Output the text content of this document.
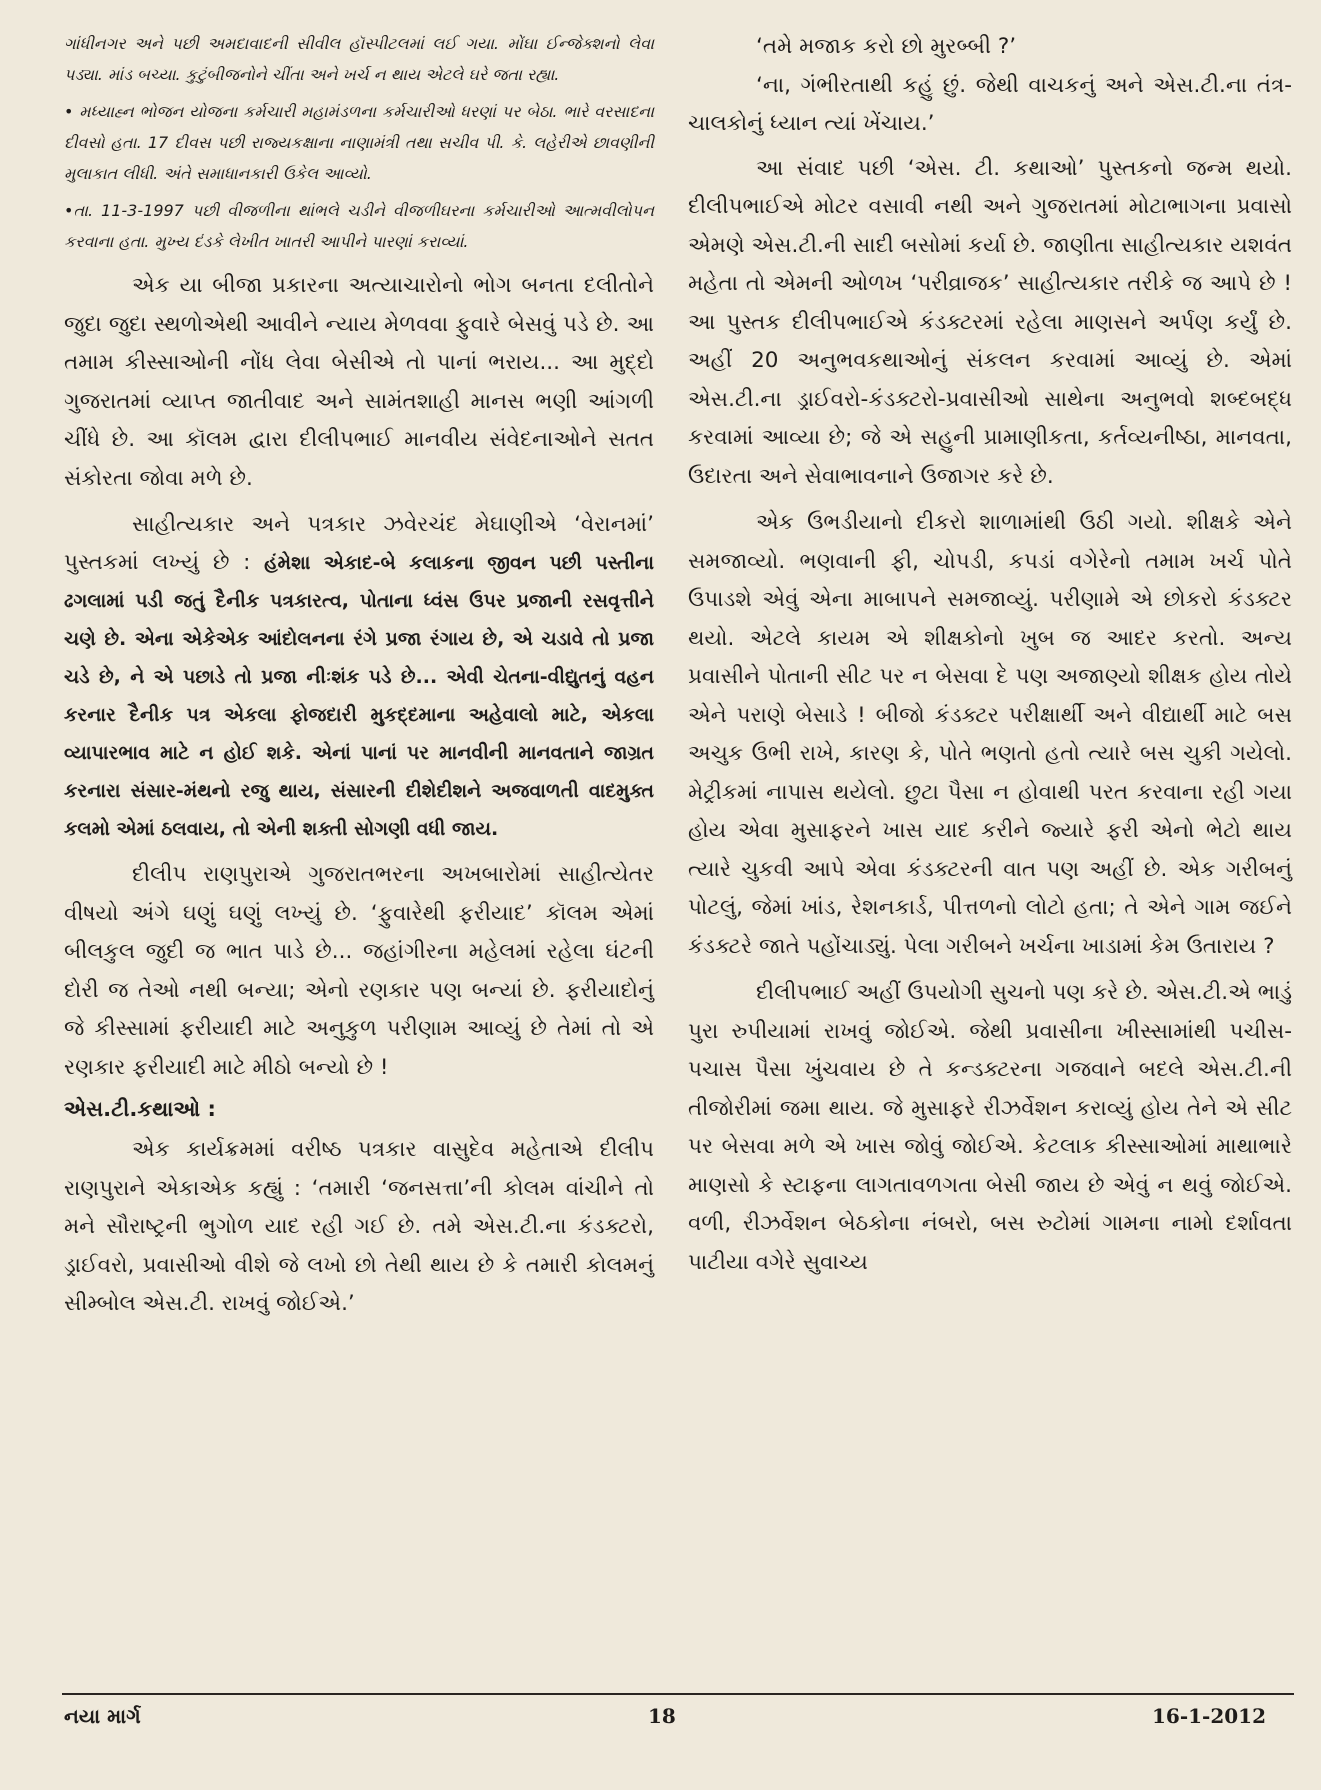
ગાંધીનગર અને પછી અમદાવાદની સીવીલ હૉસ્પીટલમાં લઈ ગયા. મોંઘા ઈન્જેક્શનો લેવા પડ્યા. માંડ બચ્યા. કુટુંબીજનોને ચીંતા અને ખર્ચ ન થાય એટલે ઘરે જતા રહ્યા.

• મધ્યાહ્ન ભોજન યોજના કર્મચારી મહામંડળના કર્મચારીઓ ધરણાં પર બેઠા. ભારે વરસાદના દીવસો હતા. 17 દીવસ પછી રાજ્યકક્ષાના નાણામંત્રી તથા સચીવ પી. કે. લહેરીએ છાવણીની મુલાકાત લીધી. અંતે સમાધાનકારી ઉકેલ આવ્યો.

•તા. 11-3-1997 પછી વીજળીના થાંભલે ચડીને વીજળીઘરના કર્મચારીઓ આત્મવીલોપન કરવાના હતા. મુખ્ય દંડકે લેખીત ખાતરી આપીને પારણાં કરાવ્યાં.

એક યા બીજા પ્રકારના અત્યાચારોનો ભોગ બનતા દલીતોને જુદા જુદા સ્થળોએથી આવીને ન્યાય મેળવવા ફુવારે બેસવું પડે છે. આ તમામ કીસ્સાઓની નોંધ લેવા બેસીએ તો પાનાં ભરાય... આ મુદ્દો ગુજરાતમાં વ્યાપ્ત જાતીવાદ અને સામંતશાહી માનસ ભણી આંગળી ચીંધે છે. આ કૉલમ દ્વારા દીલીપભાઈ માનવીય સંવેદનાઓને સતત સંકોરતા જોવા મળે છે.

સાહીત્યકાર અને પત્રકાર ઝવેરચંદ મેઘાણીએ ‘વેરાનમાં’ પુસ્તકમાં લખ્યું છે : હંમેશા એકાદ-બે કલાકના જીવન પછી પસ્તીના ઢગલામાં પડી જતું દૈનીક પત્રકારત્વ, પોતાના ધ્વંસ ઉપર પ્રજાની રસવૃત્તીને ચણે છે. એના એકેએક આંદોલનના રંગે પ્રજા રંગાય છે, એ ચડાવે તો પ્રજા ચડે છે, ને એ પછાડે તો પ્રજા નીઃશંક પડે છે... એવી ચેતના-વીદ્યુતનું વહન કરનાર દૈનીક પત્ર એકલા ફોજદારી મુકદ્દમાના અહેવાલો માટે, એકલા વ્યાપારભાવ માટે ન હોઈ શકે. એનાં પાનાં પર માનવીની માનવતાને જાગ્રત કરનારા સંસાર-મંથનો રજુ થાય, સંસારની દીશેદીશને અજવાળતી વાદમુક્ત કલમો એમાં ઠલવાય, તો એની શક્તી સોગણી વધી જાય.

દીલીપ રાણપુરાએ ગુજરાતભરના અખબારોમાં સાહીત્યેતર વીષયો અંગે ઘણું ઘણું લખ્યું છે. ‘ફુવારેથી ફરીયાદ’ કૉલમ એમાં બીલકુલ જુદી જ ભાત પાડે છે... જહાંગીરના મહેલમાં રહેલા ઘંટની દોરી જ તેઓ નથી બન્યા; એનો રણકાર પણ બન્યાં છે. ફરીયાદોનું જે કીસ્સામાં ફરીયાદી માટે અનુકુળ પરીણામ આવ્યું છે તેમાં તો એ રણકાર ફરીયાદી માટે મીઠો બન્યો છે !

એસ.ટી.કથાઓ :

એક કાર્યક્રમમાં વરીષ્ઠ પત્રકાર વાસુદેવ મહેતાએ દીલીપ રાણપુરાને એકાએક કહ્યું : ‘તમારી ‘જનસત્તા’ની કોલમ વાંચીને તો મને સૌરાષ્ટ્રની ભુગોળ યાદ રહી ગઈ છે. તમે એસ.ટી.ના કંડક્ટરો, ડ્રાઈવરો, પ્રવાસીઓ વીશે જે લખો છો તેથી થાય છે કે તમારી કોલમનું સીમ્બોલ એસ.ટી. રાખવું જોઈએ.’

‘તમે મજાક કરો છો મુરબ્બી ?’

‘ના, ગંભીરતાથી કહું છું. જેથી વાચકનું અને એસ.ટી.ના તંત્ર-ચાલકોનું ધ્યાન ત્યાં ખેંચાય.’

આ સંવાદ પછી ‘એસ. ટી. કથાઓ’ પુસ્તકનો જન્મ થયો. દીલીપભાઈએ મોટર વસાવી નથી અને ગુજરાતમાં મોટાભાગના પ્રવાસો એમણે એસ.ટી.ની સાદી બસોમાં કર્યા છે. જાણીતા સાહીત્યકાર યશવંત મહેતા તો એમની ઓળખ ‘પરીવ્રાજક’ સાહીત્યકાર તરીકે જ આપે છે ! આ પુસ્તક દીલીપભાઈએ કંડક્ટરમાં રહેલા માણસને અર્પણ કર્યું છે. અહીં 20 અનુભવકથાઓનું સંકલન કરવામાં આવ્યું છે. એમાં એસ.ટી.ના ડ્રાઈવરો-કંડક્ટરો-પ્રવાસીઓ સાથેના અનુભવો શબ્દબદ્ધ કરવામાં આવ્યા છે; જે એ સહુની પ્રામાણીકતા, કર્તવ્યનીષ્ઠા, માનવતા, ઉદારતા અને સેવાભાવનાને ઉજાગર કરે છે.

એક ઉભડીયાનો દીકરો શાળામાંથી ઉઠી ગયો. શીક્ષકે એને સમજાવ્યો. ભણવાની ફી, ચોપડી, કપડાં વગેરેનો તમામ ખર્ચ પોતે ઉપાડશે એવું એના માબાપને સમજાવ્યું. પરીણામે એ છોકરો કંડક્ટર થયો. એટલે કાયમ એ શીક્ષકોનો ખુબ જ આદર કરતો. અન્ય પ્રવાસીને પોતાની સીટ પર ન બેસવા દે પણ અજાણ્યો શીક્ષક હોય તોયે એને પરાણે બેસાડે ! બીજો કંડક્ટર પરીક્ષાર્થી અને વીદ્યાર્થી માટે બસ અચુક ઉભી રાખે, કારણ કે, પોતે ભણતો હતો ત્યારે બસ ચુકી ગયેલો. મેટ્રીકમાં નાપાસ થયેલો. છુટા પૈસા ન હોવાથી પરત કરવાના રહી ગયા હોય એવા મુસાફરને ખાસ યાદ કરીને જ્યારે ફરી એનો ભેટો થાય ત્યારે ચુકવી આપે એવા કંડક્ટરની વાત પણ અહીં છે. એક ગરીબનું પોટલું, જેમાં ખાંડ, રેશનકાર્ડ, પીત્તળનો લોટો હતા; તે એને ગામ જઈને કંડક્ટરે જાતે પહોંચાડ્યું. પેલા ગરીબને ખર્ચના ખાડામાં કેમ ઉતારાય ?

દીલીપભાઈ અહીં ઉપયોગી સુચનો પણ કરે છે. એસ.ટી.એ ભાડું પુરા રુપીયામાં રાખવું જોઈએ. જેથી પ્રવાસીના ખીસ્સામાંથી પચીસ-પચાસ પૈસા ખુંચવાય છે તે કન્ડક્ટરના ગજવાને બદલે એસ.ટી.ની તીજોરીમાં જમા થાય. જે મુસાફરે રીઝર્વેશન કરાવ્યું હોય તેને એ સીટ પર બેસવા મળે એ ખાસ જોવું જોઈએ. કેટલાક કીસ્સાઓમાં માથાભારે માણસો કે સ્ટાફના લાગતાવળગતા બેસી જાય છે એવું ન થવું જોઈએ. વળી, રીઝર્વેશન બેઠકોના નંબરો, બસ રુટોમાં ગામના નામો દર્શાવતા પાટીયા વગેરે સુવાચ્ય

નયા માર્ગ	18	16-1-2012
